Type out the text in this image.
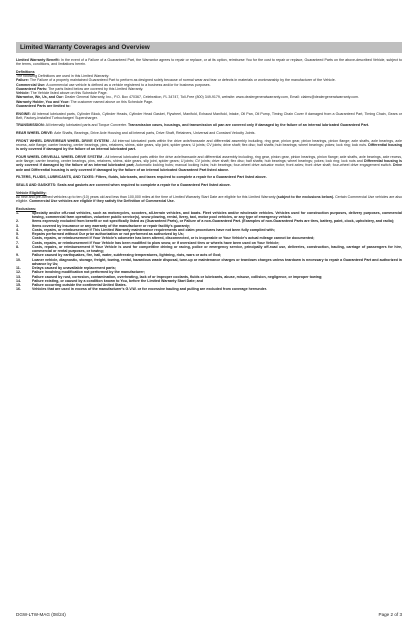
Limited Warranty Coverages and Overview

Limited Warranty Benefit: In the event of a Failure of a Guaranteed Part, the Warrantor agrees to repair or replace, or at its option, reimburse You for the cost to repair or replace, Guaranteed Parts on the above-described Vehicle, subject to the terms, conditions, and limitations herein.

Definitions
The following Definitions are used in this Limited Warranty:
Failure: The Failure of a properly maintained Guaranteed Part to perform as designed solely because of normal wear and tear or defects in materials or workmanship by the manufacturer of the Vehicle.
Commercial Use: A commercial use vehicle is defined as a vehicle registered to a business and/or for business purposes.
Guaranteed Parts: The parts listed below are covered by this Limited Warranty.
Vehicle: The Vehicle listed above on this Schedule Page.
Warrantor, We, Us, and Our: Dealer General Warranty, Inc., P.O. Box 470367, Celebration, FL 34747, Toll-Free (800) 349-9179, website: www.dealergeneralwarranty.com, Email: claims@dealergeneralwarranty.com.
Warranty Holder, You and Your: The customer named above on this Schedule Page.
Guaranteed Parts are limited to:

ENGINE: All internal lubricated parts, Cylinder Block, Cylinder Heads, Cylinder Head Gasket, Flywheel, Manifold, Exhaust Manifold, Intake, Oil Pan, Oil Pump, Timing Chain Cover if damaged from a Guaranteed Part, Timing Chain, Gears or Belt, Factory-Installed Turbocharger/ Supercharger.

TRANSMISSION: All internally lubricated parts and Torque Converter. Transmission cases, housings, and transmission oil pan are covered only if damaged by the failure of an internal lubricated Guaranteed Part.

REAR WHEEL DRIVE: Axle Shafts, Bearings, Drive Axle Housing and all internal parts, Drive Shaft, Retainers, Universal and Constant Velocity Joints.

FRONT WHEEL DRIVE/REAR WHEEL DRIVE SYSTEM - All internal lubricated parts within the drive axle/transaxle and differential assembly including, ring gear, pinion gear, pinion bearings, pinion flange; axle shafts, axle bearings, axle recess, axle flange; carrier bearing, center bearings, pins, retainers, shims, side gears, slip joint, spider gears; U joints; CV joints; drive shaft; flex disc; half shafts; hub bearings; wheel bearings; yokes; lock ring; lock nuts. Differential housing is only covered if damaged by the failure of an internal lubricated part.

FOUR WHEEL DRIVE/ALL WHEEL DRIVE SYSTEM - All internal lubricated parts within the drive axle/transaxle and differential assembly including, ring gear, pinion gear, pinion bearings, pinion flange; axle shafts, axle bearings, axle recess, axle flange; carrier bearing, center bearings, pins, retainers, shims, side gears, slip joint, spider gears; U joints; CV joints; drive shaft; flex disc; half shafts; hub bearings; wheel bearings; yokes; lock ring; lock nuts and Differential housing is only covered if damaged by the failure of an internal lubricated part; Automatic locking hubs; manual locking hubs; hub bearings; four-wheel drive actuator motor; front axles; front drive shaft; four-wheel drive engagement switch. Drive axle and Differential housing is only covered if damaged by the failure of an internal lubricated Guaranteed Part listed above.

FILTERS, FLUIDS, LUBRICANTS, AND TAXES: Filters, fluids, lubricants, and taxes required to complete a repair for a Guaranteed Part listed above.

SEALS AND GASKETS: Seals and gaskets are covered when required to complete a repair for a Guaranteed Part listed above.

Vehicle Eligibility:

All new and pre-owned vehicles up to ten (10) years old and less than 100,000 miles at the time of Limited Warranty Start Date are eligible for this Limited Warranty (subject to the exclusions below). Certain Commercial Use vehicles are also eligible. Commercial Use vehicles are eligible if they satisfy the Definition of Commercial Use.

Exclusions:
1.	Specialty and/or off-road vehicles, such as motorcycles, scooters, all-terrain vehicles, and boats. Fleet vehicles and/or wholesale vehicles. Vehicles used for construction purposes, delivery purposes, commercial towing, commercial farm operation, volunteer public service(s), snow plowing, rental, livery, taxi, motor pool vehicles, or any type of emergency vehicle.
2.	Items expressly excluded from benefit or not specifically listed as (Guaranteed Parts), or Failure of a non-Guaranteed Part. (Examples of non-Guaranteed Parts are tires, battery, paint, clock, upholstery, and radio);
3.	Items covered by insurance or any warranty of the manufacturer or repair facility's guaranty;
4.	Costs, repairs, or reimbursement if This Limited Warranty maintenance requirements and claim procedures have not been fully complied with;
5.	Repairs performed without Our prior authorization or not performed as authorized by Us;
6.	Costs, repairs, or reimbursement if Your Vehicle's odometer has been altered, disconnected, or is inoperable or Your Vehicle's actual mileage cannot be documented;
7.	Costs, repairs, or reimbursement if Your Vehicle has been modified to plow snow, or if oversized tires or wheels have been used on Your Vehicle;
8.	Costs, repairs, or reimbursement if Your Vehicle is used for competitive driving or racing, police or emergency service, principally off-road use, deliveries, construction, hauling, carriage of passengers for hire, commercial or rental purposes, or towing;
9.	Failure caused by earthquakes, fire, hail, water, subfreezing temperatures, lightning, riots, wars or acts of God;
10.	Loaner vehicle, diagnostic, storage, freight, towing, rental, hazardous waste disposal, tune-up or maintenance charges or teardown charges unless teardown is necessary to repair a Guaranteed Part and authorized in advance by Us;
11.	Delays caused by unavailable replacement parts;
12.	Failure involving modification not performed by the manufacturer;
13.	Failure caused by rust, corrosion, contamination, overheating, lack of or improper coolants, fluids or lubricants, abuse, misuse, collision, negligence, or improper towing;
14.	Failure existing, or caused by a condition known to You, before the Limited Warranty Start Date; and
15.	Failure occurring outside the continental United States.
16.	Vehicles that are used in excess of the manufacturer's G.V.W. or for excessive hauling and pulling are excluded from coverage hereunder.
DGW-LTW-MAG (08/24)	Page 2 of 3
